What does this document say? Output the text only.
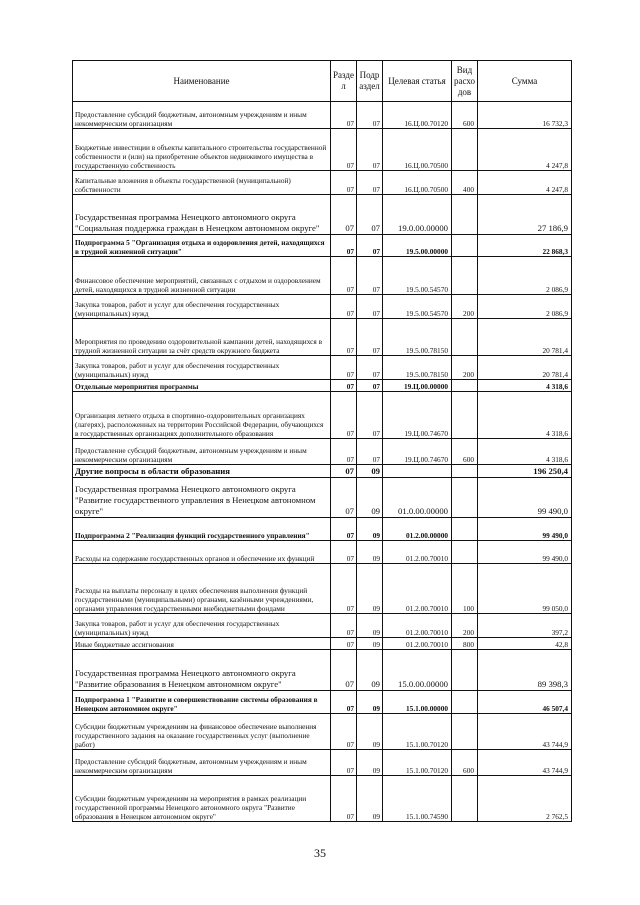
Наименование	Разде л	Подр аздел	Целевая статья	Вид расхо дов	Сумма
Предоставление субсидий бюджетным, автономным учреждениям и иным некоммерческим организациям	07	07	16.Ц.00.70120	600	16 732,3
Бюджетные инвестиции в объекты капитального строительства государственной собственности и (или) на приобретение объектов недвижимого имущества в государственную собственность	07	07	16.Ц.00.70500		4 247,8
Капитальные вложения в объекты государственной (муниципальной) собственности	07	07	16.Ц.00.70500	400	4 247,8
Государственная программа Ненецкого автономного округа "Социальная поддержка граждан в Ненецком автономном округе"	07	07	19.0.00.00000		27 186,9
Подпрограмма 5 "Организация отдыха и оздоровления детей, находящихся в трудной жизненной ситуации"	07	07	19.5.00.00000		22 868,3
Финансовое обеспечение мероприятий, связанных с отдыхом и оздоровлением детей, находящихся в трудной жизненной ситуации	07	07	19.5.00.54570		2 086,9
Закупка товаров, работ и услуг для обеспечения государственных (муниципальных) нужд	07	07	19.5.00.54570	200	2 086,9
Мероприятия по проведению оздоровительной кампании детей, находящихся в трудной жизненной ситуации за счёт средств окружного бюджета	07	07	19.5.00.78150		20 781,4
Закупка товаров, работ и услуг для обеспечения государственных (муниципальных) нужд	07	07	19.5.00.78150	200	20 781,4
Отдельные мероприятия программы	07	07	19.Ц.00.00000		4 318,6
Организация летнего отдыха в спортивно-оздоровительных организациях (лагерях), расположенных на территории Российской Федерации, обучающихся в государственных организациях дополнительного образования	07	07	19.Ц.00.74670		4 318,6
Предоставление субсидий бюджетным, автономным учреждениям и иным некоммерческим организациям	07	07	19.Ц.00.74670	600	4 318,6
Другие вопросы в области образования	07	09			196 250,4
Государственная программа Ненецкого автономного округа "Развитие государственного управления в Ненецком автономном округе"	07	09	01.0.00.00000		99 490,0
Подпрограмма 2 "Реализация функций государственного управления"	07	09	01.2.00.00000		99 490,0
Расходы на содержание государственных органов и обеспечение их функций	07	09	01.2.00.70010		99 490,0
Расходы на выплаты персоналу в целях обеспечения выполнения функций государственными (муниципальными) органами, казёнными учреждениями, органами управления государственными внебюджетными фондами	07	09	01.2.00.70010	100	99 050,0
Закупка товаров, работ и услуг для обеспечения государственных (муниципальных) нужд	07	09	01.2.00.70010	200	397,2
Иные бюджетные ассигнования	07	09	01.2.00.70010	800	42,8
Государственная программа Ненецкого автономного округа "Развитие образования в Ненецком автономном округе"	07	09	15.0.00.00000		89 398,3
Подпрограмма 1 "Развитие и совершенствование системы образования в Ненецком автономном округе"	07	09	15.1.00.00000		46 507,4
Субсидии бюджетным учреждениям на финансовое обеспечение выполнения государственного задания на оказание государственных услуг (выполнение работ)	07	09	15.1.00.70120		43 744,9
Предоставление субсидий бюджетным, автономным учреждениям и иным некоммерческим организациям	07	09	15.1.00.70120	600	43 744,9
Субсидии бюджетным учреждениям на мероприятия в рамках реализации государственной программы Ненецкого автономного округа "Развитие образования в Ненецком автономном округе"	07	09	15.1.00.74590		2 762,5
35
